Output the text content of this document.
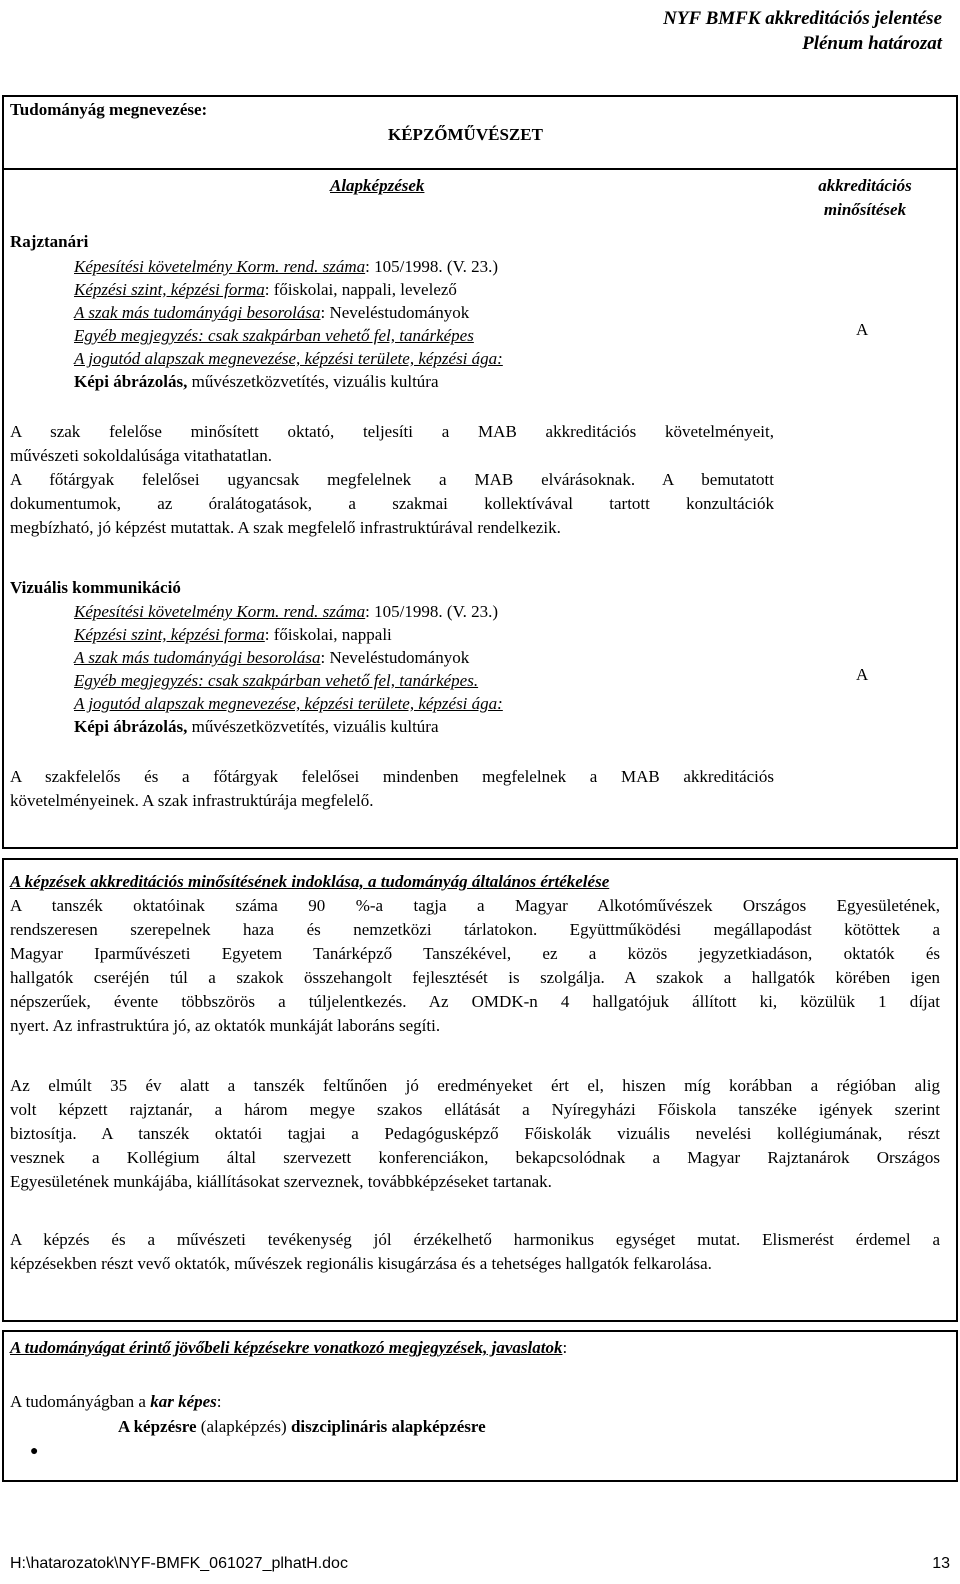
NYF BMFK akkreditációs jelentése
Plénum határozat
Tudományág megnevezése:
KÉPZŐMŰVÉSZET
Alapképzések	akkreditációs
minősítések
Rajztanári
Képesítési követelmény Korm. rend. száma: 105/1998. (V. 23.)
Képzési szint, képzési forma: főiskolai, nappali, levelező
A szak más tudományági besorolása: Neveléstudományok
Egyéb megjegyzés: csak szakpárban vehető fel, tanárképes
A jogutód alapszak megnevezése, képzési területe, képzési ága:
Képi ábrázolás, művészetközvetítés, vizuális kultúra
A
A szak felelőse minősített oktató, teljesíti a MAB akkreditációs követelményeit,
művészeti sokoldalúsága vitathatatlan.
A főtárgyak felelősei ugyancsak megfelelnek a MAB elvárásoknak. A bemutatott
dokumentumok, az óralátogatások, a szakmai kollektívával tartott konzultációk
megbízható, jó képzést mutattak. A szak megfelelő infrastruktúrával rendelkezik.
Vizuális kommunikáció
Képesítési követelmény Korm. rend. száma: 105/1998. (V. 23.)
Képzési szint, képzési forma: főiskolai, nappali
A szak más tudományági besorolása: Neveléstudományok
Egyéb megjegyzés: csak szakpárban vehető fel, tanárképes.
A jogutód alapszak megnevezése, képzési területe, képzési ága:
Képi ábrázolás, művészetközvetítés, vizuális kultúra
A
A szakfelelős és a főtárgyak felelősei mindenben megfelelnek a MAB akkreditációs
követelményeinek. A szak infrastruktúrája megfelelő.
A képzések akkreditációs minősítésének indoklása, a tudományág általános értékelése
A tanszék oktatóinak száma 90 %-a tagja a Magyar Alkotóművészek Országos Egyesületének,
rendszeresen szerepelnek haza és nemzetközi tárlatokon. Együttműködési megállapodást kötöttek a
Magyar Iparművészeti Egyetem Tanárképző Tanszékével, ez a közös jegyzetkiadáson, oktatók és
hallgatók cseréjén túl a szakok összehangolt fejlesztését is szolgálja. A szakok a hallgatók körében igen
népszerűek, évente többszörös a túljelentkezés. Az OMDK-n 4 hallgatójuk állított ki, közülük 1 díjat
nyert. Az infrastruktúra jó, az oktatók munkáját laboráns segíti.
Az elmúlt 35 év alatt a tanszék feltűnően jó eredményeket ért el, hiszen míg korábban a régióban alig
volt képzett rajztanár, a három megye szakos ellátását a Nyíregyházi Főiskola tanszéke igények szerint
biztosítja. A tanszék oktatói tagjai a Pedagógusképző Főiskolák vizuális nevelési kollégiumának, részt
vesznek a Kollégium által szervezett konferenciákon, bekapcsolódnak a Magyar Rajztanárok Országos
Egyesületének munkájába, kiállításokat szerveznek, továbbképzéseket tartanak.
A képzés és a művészeti tevékenység jól érzékelhető harmonikus egységet mutat. Elismerést érdemel a
képzésekben részt vevő oktatók, művészek regionális kisugárzása és a tehetséges hallgatók felkarolása.
A tudományágat érintő jövőbeli képzésekre vonatkozó megjegyzések, javaslatok:
A tudományágban a kar képes:
●
A képzésre (alapképzés) diszciplináris alapképzésre
H:\hatarozatok\NYF-BMFK_061027_plhatH.doc	13
